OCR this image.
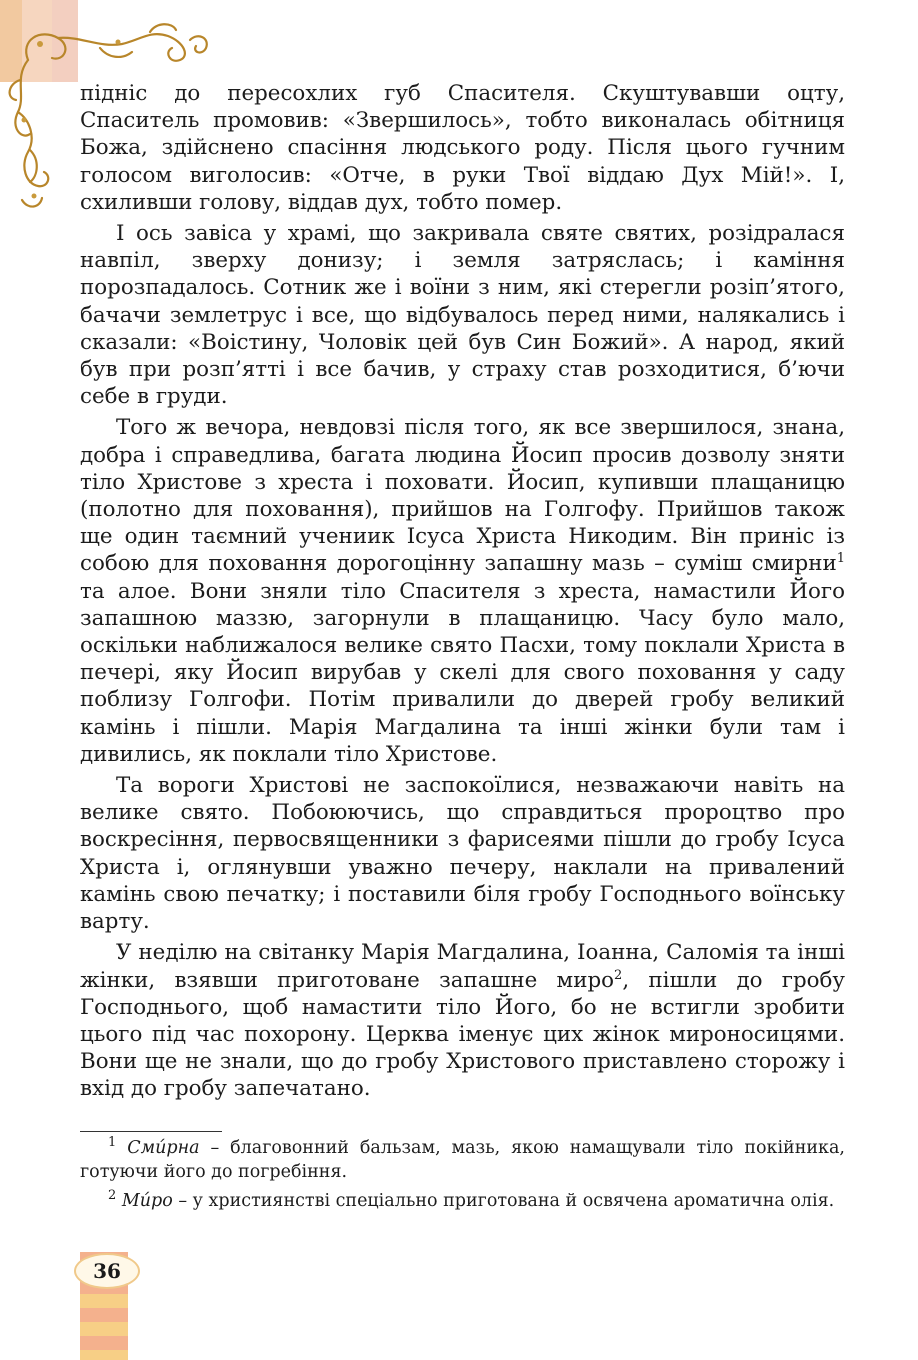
підніс до пересохлих губ Спасителя. Скуштувавши оцту, Спаситель промовив: «Звершилось», тобто виконалась обітниця Божа, здійснено спасіння людського роду. Після цього гучним голосом виголосив: «Отче, в руки Твої віддаю Дух Мій!». І, схиливши голову, віддав дух, тобто помер.

І ось завіса у храмі, що закривала святе святих, розідралася навпіл, зверху донизу; і земля затряслась; і каміння порозпадалось. Сотник же і воїни з ним, які стерегли розіп’ятого, бачачи землетрус і все, що відбувалось перед ними, налякались і сказали: «Воістину, Чоловік цей був Син Божий». А народ, який був при розп’ятті і все бачив, у страху став розходитися, б’ючи себе в груди.

Того ж вечора, невдовзі після того, як все звершилося, знана, добра і справедлива, багата людина Йосип просив дозволу зняти тіло Христове з хреста і поховати. Йосип, купивши плащаницю (полотно для поховання), прийшов на Голгофу. Прийшов також ще один таємний учениик Ісуса Христа Никодим. Він приніс із собою для поховання дорогоцінну запашну мазь – суміш смирни$^1$ та алое. Вони зняли тіло Спасителя з хреста, намастили Його запашною маззю, загорнули в плащаницю. Часу було мало, оскільки наближалося велике свято Пасхи, тому поклали Христа в печері, яку Йосип вирубав у скелі для свого поховання у саду поблизу Голгофи. Потім привалили до дверей гробу великий камінь і пішли. Марія Магдалина та інші жінки були там і дивились, як поклали тіло Христове.

Та вороги Христові не заспокоїлися, незважаючи навіть на велике свято. Побоюючись, що справдиться пророцтво про воскресіння, первосвященники з фарисеями пішли до гробу Ісуса Христа і, оглянувши уважно печеру, наклали на привалений камінь свою печатку; і поставили біля гробу Господнього воїнську варту.

У неділю на світанку Марія Магдалина, Іоанна, Саломія та інші жінки, взявши приготоване запашне миро$^2$, пішли до гробу Господнього, щоб намастити тіло Його, бо не встигли зробити цього під час похорону. Церква іменує цих жінок мироносицями. Вони ще не знали, що до гробу Христового приставлено сторожу і вхід до гробу запечатано.

$^1$ Смúрна – благовонний бальзам, мазь, якою намащували тіло покійника, готуючи його до погребіння.

$^2$ Мúро – у християнстві спеціально приготована й освячена ароматична олія.

36
